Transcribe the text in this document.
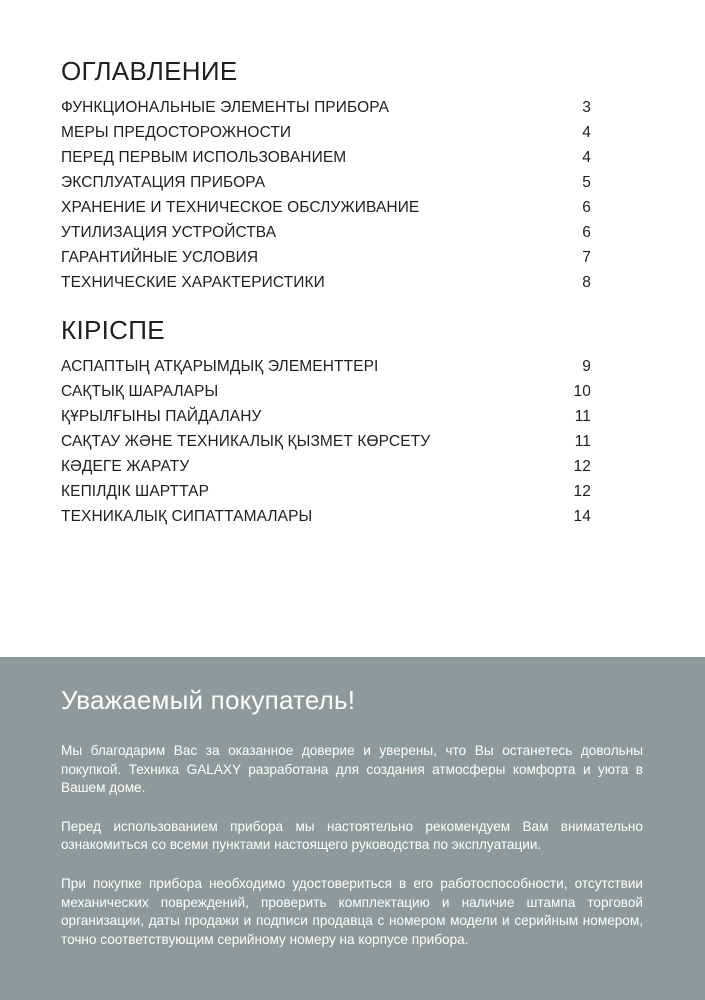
ОГЛАВЛЕНИЕ
ФУНКЦИОНАЛЬНЫЕ ЭЛЕМЕНТЫ ПРИБОРА	3
МЕРЫ ПРЕДОСТОРОЖНОСТИ	4
ПЕРЕД ПЕРВЫМ ИСПОЛЬЗОВАНИЕМ	4
ЭКСПЛУАТАЦИЯ ПРИБОРА	5
ХРАНЕНИЕ И ТЕХНИЧЕСКОЕ ОБСЛУЖИВАНИЕ	6
УТИЛИЗАЦИЯ УСТРОЙСТВА	6
ГАРАНТИЙНЫЕ УСЛОВИЯ	7
ТЕХНИЧЕСКИЕ ХАРАКТЕРИСТИКИ	8
КІРІСПЕ
АСПАПТЫҢ АТҚАРЫМДЫҚ ЭЛЕМЕНТТЕРІ	9
САҚТЫҚ ШАРАЛАРЫ	10
ҚҰРЫЛҒЫНЫ ПАЙДАЛАНУ	11
САҚТАУ ЖӘНЕ ТЕХНИКАЛЫҚ ҚЫЗМЕТ КӨРСЕТУ	11
КӘДЕГЕ ЖАРАТУ	12
КЕПІЛДІК ШАРТТАР	12
ТЕХНИКАЛЫҚ СИПАТТАМАЛАРЫ	14
Уважаемый покупатель!

Мы благодарим Вас за оказанное доверие и уверены, что Вы останетесь довольны покупкой. Техника GALAXY разработана для создания атмосферы комфорта и уюта в Вашем доме.

Перед использованием прибора мы настоятельно рекомендуем Вам внимательно ознакомиться со всеми пунктами настоящего руководства по эксплуатации.

При покупке прибора необходимо удостовериться в его работоспособности, отсутствии механических повреждений, проверить комплектацию и наличие штампа торговой организации, даты продажи и подписи продавца с номером модели и серийным номером, точно соответствующим серийному номеру на корпусе прибора.
